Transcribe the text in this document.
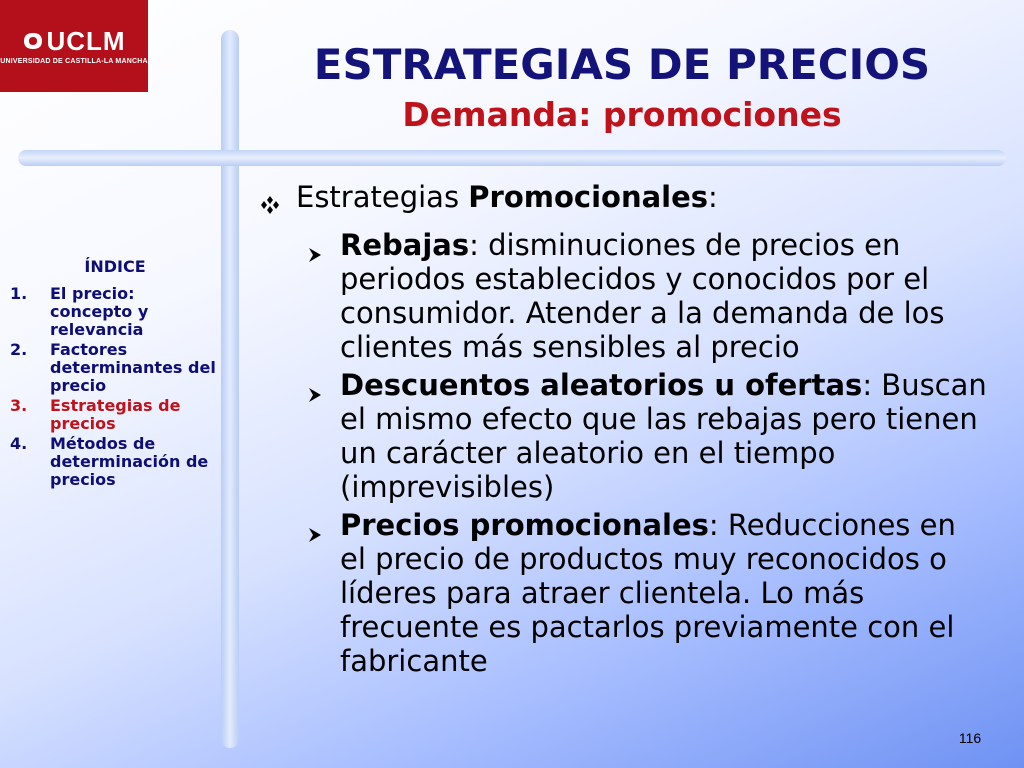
UCLM
UNIVERSIDAD DE CASTILLA-LA MANCHA	ESTRATEGIAS DE PRECIOS
Demanda: promociones
ÍNDICE
1.	El precio: concepto y relevancia
2.	Factores determinantes del precio
3.	Estrategias de precios
4.	Métodos de determinación de precios
Estrategias Promocionales:
Rebajas: disminuciones de precios en periodos establecidos y conocidos por el consumidor. Atender a la demanda de los clientes más sensibles al precio
Descuentos aleatorios u ofertas: Buscan el mismo efecto que las rebajas pero tienen un carácter aleatorio en el tiempo (imprevisibles)
Precios promocionales: Reducciones en el precio de productos muy reconocidos o líderes para atraer clientela. Lo más frecuente es pactarlos previamente con el fabricante
116
